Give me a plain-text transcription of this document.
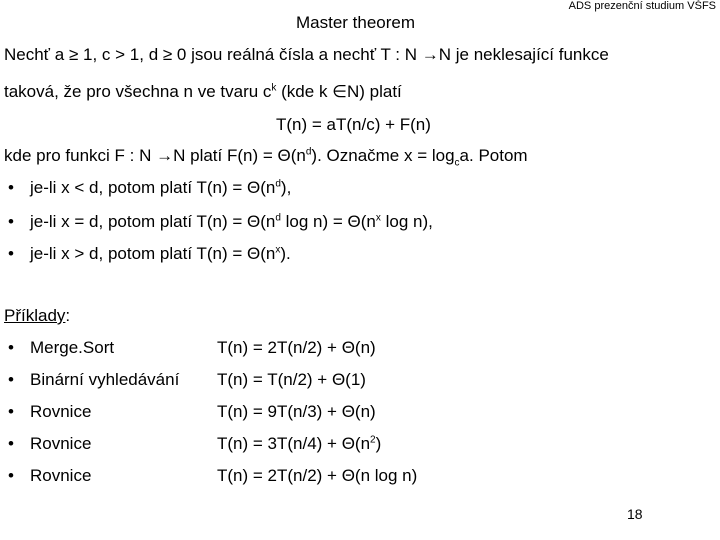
ADS prezenční studium VŠFS
Master theorem
Nechť a ≥ 1, c > 1, d ≥ 0 jsou reálná čísla a nechť T : N →N je neklesající funkce
taková, že pro všechna n ve tvaru $c^k$ (kde k ∈N) platí
T(n) = aT(n/c) + F(n)
kde pro funkci F : N →N platí $F(n) = \Theta(n^d)$. Označme $x = \log_ca$. Potom
• je-li x < d, potom platí $T(n) = \Theta(n^d)$,
• je-li x = d, potom platí $T(n) = \Theta(n^d$ $\log n) = \Theta(n^x$ log n),
• je-li x > d, potom platí $T(n) = \Theta(n^x)$.
Příklady:
• Merge.Sort	T(n) = 2T(n/2) + Θ(n)
• Binární vyhledávání T(n) = T(n/2) + Θ(1)
• Rovnice	T(n) = 9T(n/3) + Θ(n)
• Rovnice	$T(n) = 3T(n/4) + \Theta(n^2)$
• Rovnice	T(n) = 2T(n/2) + Θ(n log n)
18
